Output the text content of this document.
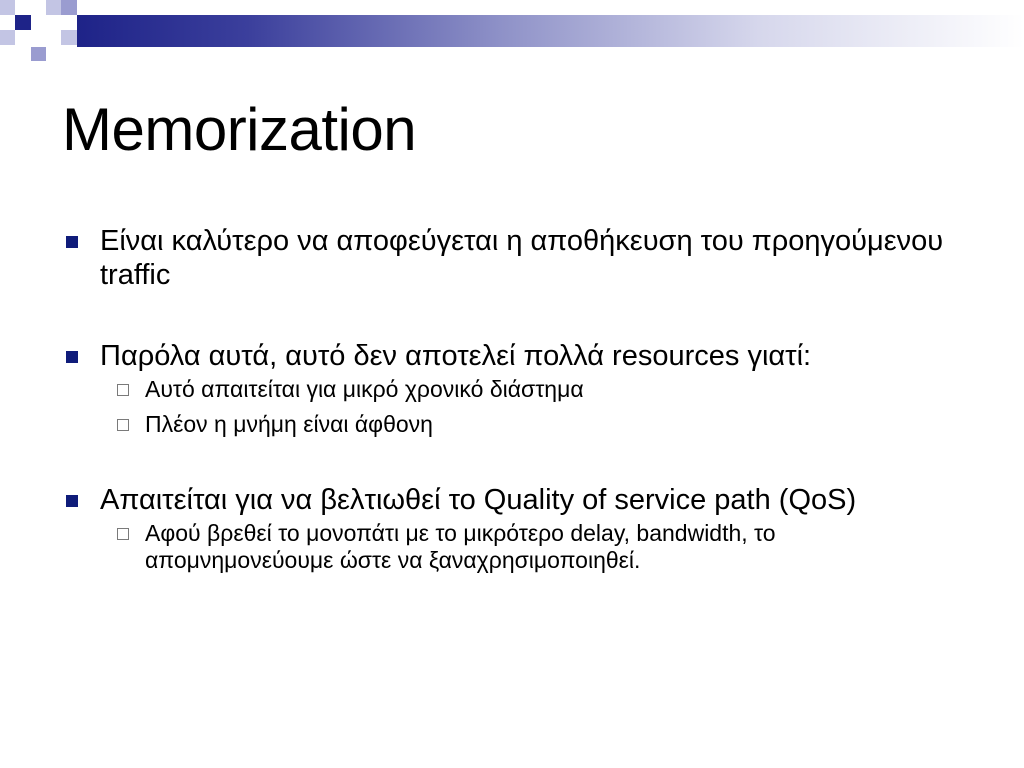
Memorization
Είναι καλύτερο να αποφεύγεται η αποθήκευση του προηγούμενου traffic
Παρόλα αυτά, αυτό δεν αποτελεί πολλά resources γιατί:
Αυτό απαιτείται για μικρό χρονικό διάστημα
Πλέον η μνήμη είναι άφθονη
Απαιτείται για να βελτιωθεί το Quality of service path (QoS)
Αφού βρεθεί το μονοπάτι με το μικρότερο delay, bandwidth, το απομνημονεύουμε ώστε να ξαναχρησιμοποιηθεί.
